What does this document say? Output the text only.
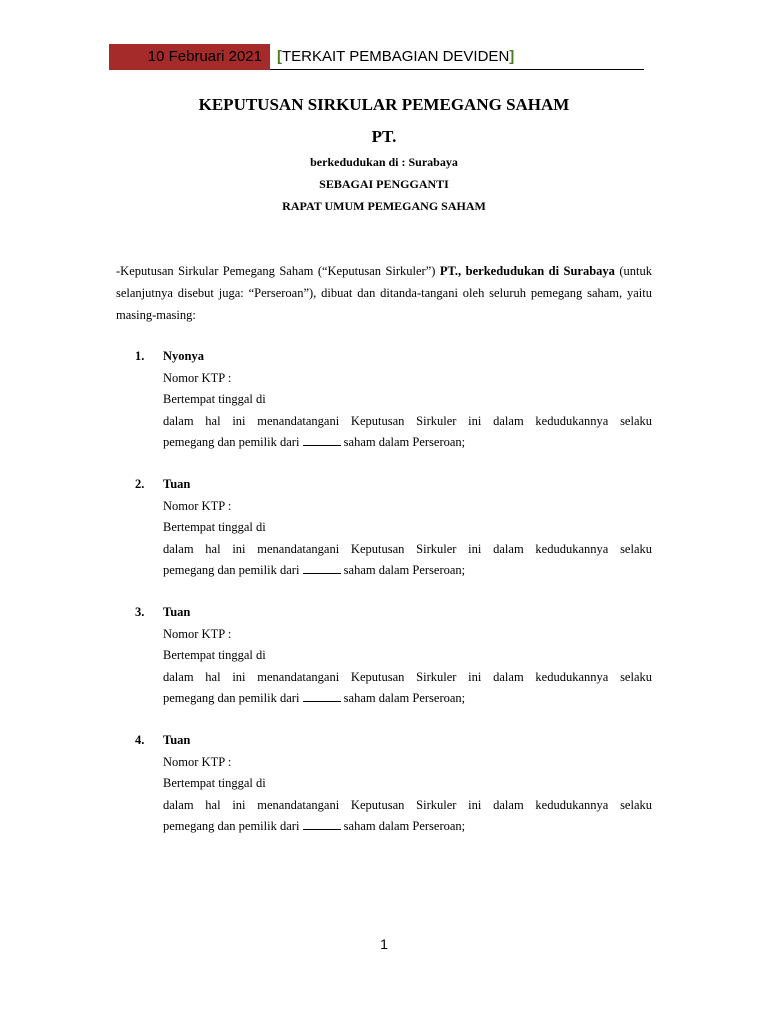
10 Februari 2021	[TERKAIT PEMBAGIAN DEVIDEN]
KEPUTUSAN SIRKULAR PEMEGANG SAHAM
PT.
berkedudukan di : Surabaya
SEBAGAI PENGGANTI
RAPAT UMUM PEMEGANG SAHAM
-Keputusan Sirkular Pemegang Saham (“Keputusan Sirkuler”) PT., berkedudukan di Surabaya (untuk selanjutnya disebut juga: “Perseroan”), dibuat dan ditanda-tangani oleh seluruh pemegang saham, yaitu masing-masing:
1.	Nyonya
Nomor KTP :
Bertempat tinggal di
dalam hal ini menandatangani Keputusan Sirkuler ini dalam kedudukannya selaku
pemegang dan pemilik dari	saham dalam Perseroan;
2.	Tuan
Nomor KTP :
Bertempat tinggal di
dalam hal ini menandatangani Keputusan Sirkuler ini dalam kedudukannya selaku
pemegang dan pemilik dari	saham dalam Perseroan;
3.	Tuan
Nomor KTP :
Bertempat tinggal di
dalam hal ini menandatangani Keputusan Sirkuler ini dalam kedudukannya selaku
pemegang dan pemilik dari	saham dalam Perseroan;
4.	Tuan
Nomor KTP :
Bertempat tinggal di
dalam hal ini menandatangani Keputusan Sirkuler ini dalam kedudukannya selaku
pemegang dan pemilik dari	saham dalam Perseroan;
1
